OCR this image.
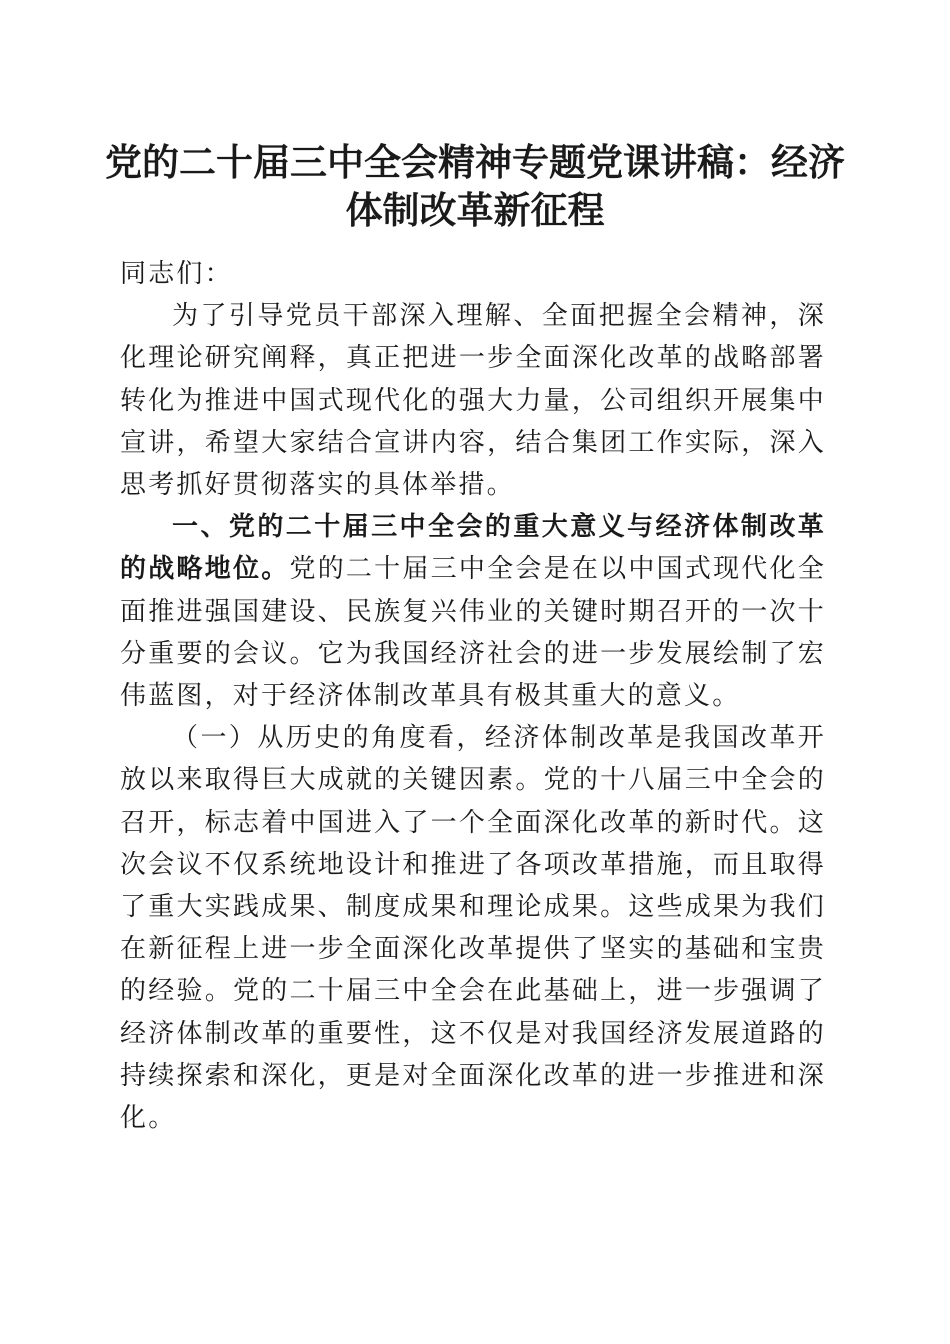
党的二十届三中全会精神专题党课讲稿：经济体制改革新征程

同志们：

为了引导党员干部深入理解、全面把握全会精神，深化理论研究阐释，真正把进一步全面深化改革的战略部署转化为推进中国式现代化的强大力量，公司组织开展集中宣讲，希望大家结合宣讲内容，结合集团工作实际，深入思考抓好贯彻落实的具体举措。

一、党的二十届三中全会的重大意义与经济体制改革的战略地位。党的二十届三中全会是在以中国式现代化全面推进强国建设、民族复兴伟业的关键时期召开的一次十分重要的会议。它为我国经济社会的进一步发展绘制了宏伟蓝图，对于经济体制改革具有极其重大的意义。

（一）从历史的角度看，经济体制改革是我国改革开放以来取得巨大成就的关键因素。党的十八届三中全会的召开，标志着中国进入了一个全面深化改革的新时代。这次会议不仅系统地设计和推进了各项改革措施，而且取得了重大实践成果、制度成果和理论成果。这些成果为我们在新征程上进一步全面深化改革提供了坚实的基础和宝贵的经验。党的二十届三中全会在此基础上，进一步强调了经济体制改革的重要性，这不仅是对我国经济发展道路的持续探索和深化，更是对全面深化改革的进一步推进和深化。
